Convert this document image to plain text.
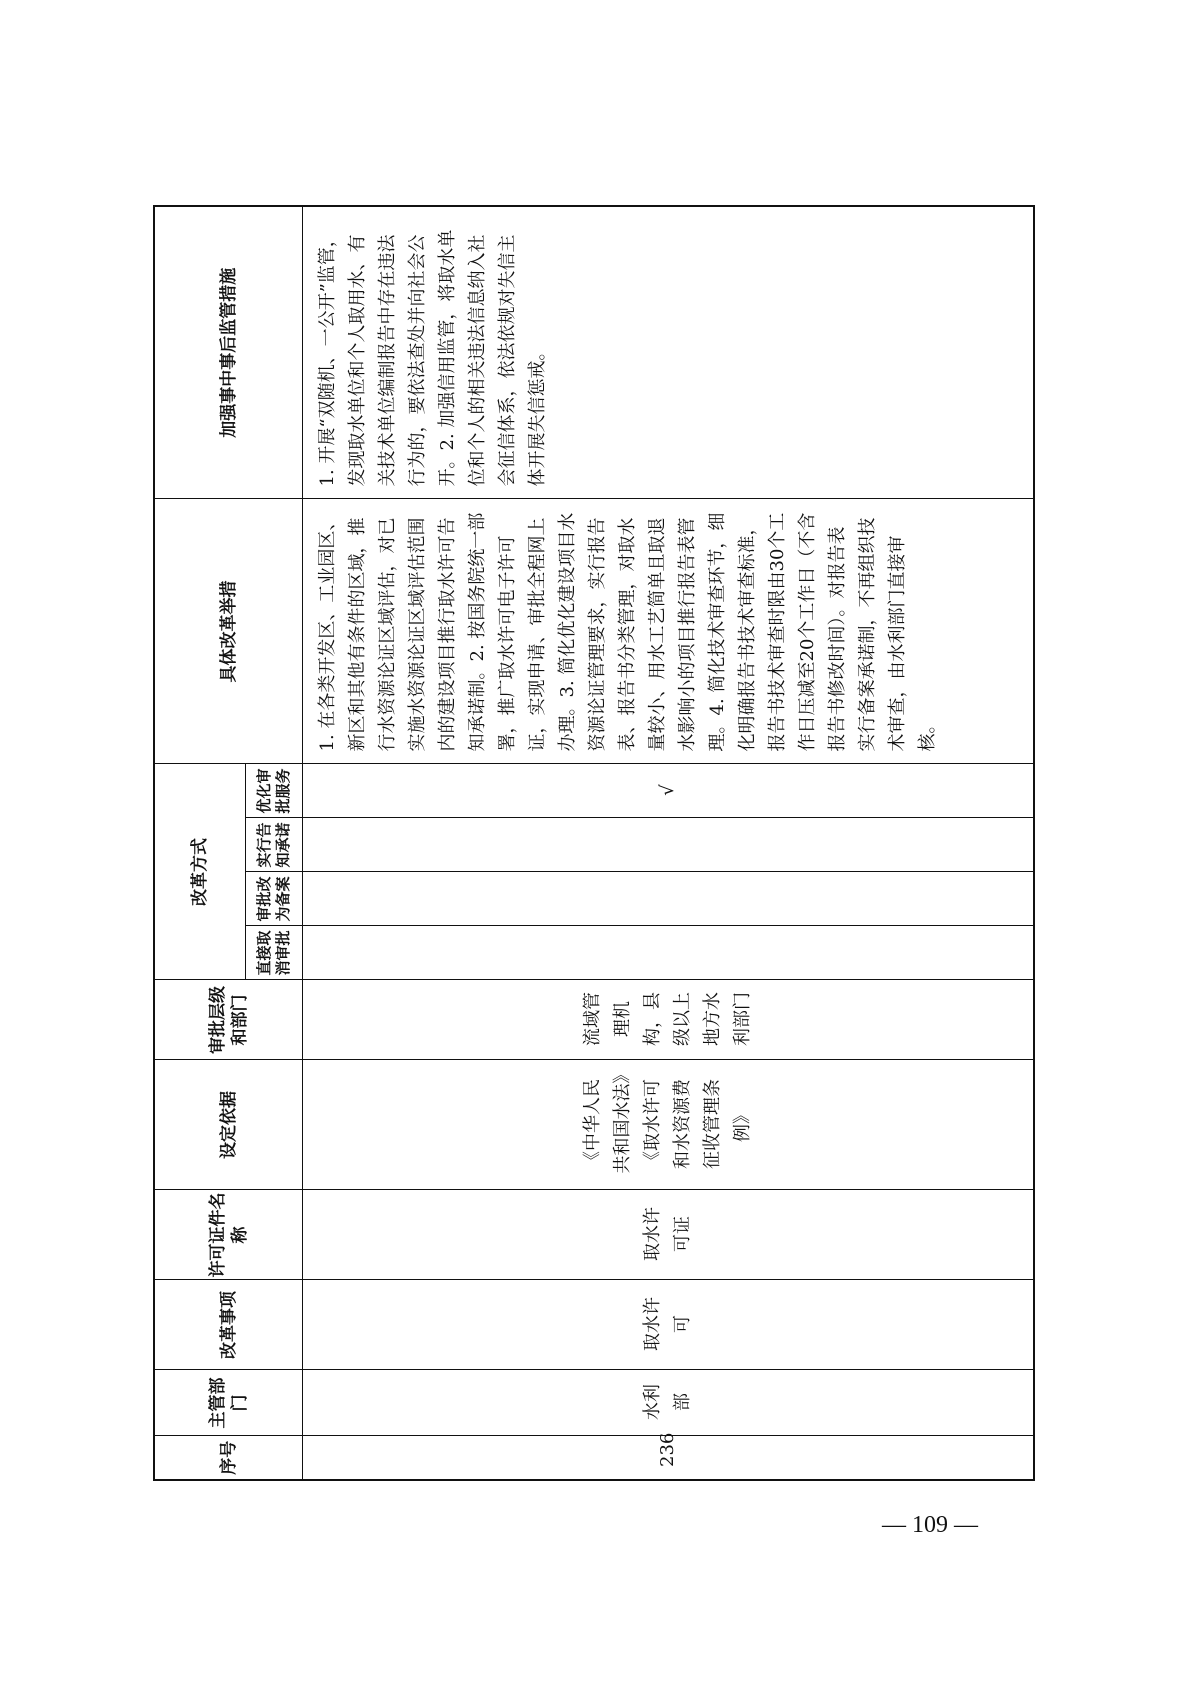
序号	主管部门	改革事项	许可证件名称	设定依据	审批层级和部门	改革方式				具体改革举措	加强事中事后监管措施
						直接取消审批	审批改为备案	实行告知承诺	优化审批服务		
236	水利部	取水许可	取水许可证	《中华人民共和国水法》《取水许可和水资源费征收管理条例》	流域管理机构，县级以上地方水利部门				√	1. 在各类开发区、工业园区、新区和其他有条件的区域，推行水资源论证区域评估，对已实施水资源论证区域评估范围内的建设项目推行取水许可告知承诺制。2. 按国务院统一部署，推广取水许可电子许可证，实现申请、审批全程网上办理。3. 简化优化建设项目水资源论证管理要求，实行报告表、报告书分类管理，对取水量较小、用水工艺简单且取退水影响小的项目推行报告表管理。4. 简化技术审查环节，细化明确报告书技术审查标准，报告书技术审查时限由30个工作日压减至20个工作日（不含报告书修改时间）。对报告表实行备案承诺制，不再组织技术审查，由水利部门直接审核。	1. 开展“双随机、一公开”监管，发现取水单位和个人取用水、有关技术单位编制报告中存在违法行为的，要依法查处并向社会公开。2. 加强信用监管，将取水单位和个人的相关违法信息纳入社会征信体系，依法依规对失信主体开展失信惩戒。
— 109 —
